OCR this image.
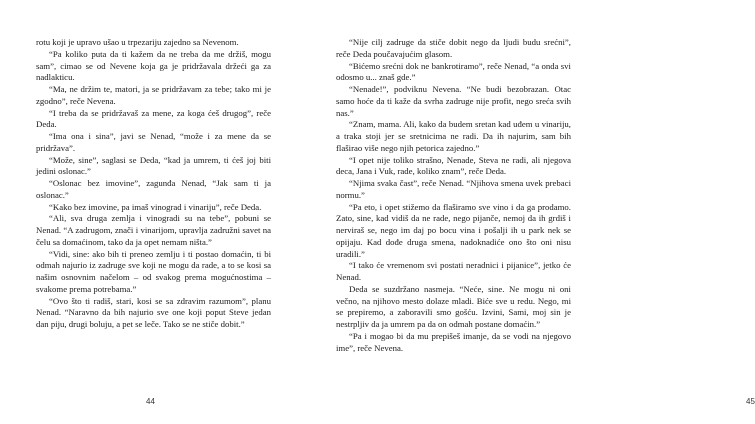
rotu koji je upravo ušao u trpezariju zajedno sa Nevenom.

“Pa koliko puta da ti kažem da ne treba da me držiš, mogu sam”, cimao se od Nevene koja ga je pridržavala držeći ga za nadlakticu.

“Ma, ne držim te, matori, ja se pridržavam za tebe; tako mi je zgodno”, reče Nevena.

“I treba da se pridržavaš za mene, za koga ćeš drugog”, reče Deda.

“Ima ona i sina”, javi se Nenad, “može i za mene da se pridržava”.

“Može, sine”, saglasi se Deda, “kad ja umrem, ti ćeš joj biti jedini oslonac.”

“Oslonac bez imovine”, zagunđa Nenad, “Jak sam ti ja oslonac.”

“Kako bez imovine, pa imaš vinograd i vinariju”, reče Deda.

“Ali, sva druga zemlja i vinogradi su na tebe”, pobuni se Nenad. “A zadrugom, znači i vinarijom, upravlja zadružni savet na čelu sa domaćinom, tako da ja opet nemam ništa.”

“Vidi, sine: ako bih ti preneo zemlju i ti postao domaćin, ti bi odmah najurio iz zadruge sve koji ne mogu da rade, a to se kosi sa našim osnovnim načelom – od svakog prema mogućnostima – svakome prema potrebama.”

“Ovo što ti radiš, stari, kosi se sa zdravim razumom”, planu Nenad. “Naravno da bih najurio sve one koji poput Steve jedan dan piju, drugi boluju, a pet se leče. Tako se ne stiče dobit.”

44

“Nije cilj zadruge da stiče dobit nego da ljudi budu srećni”, reče Deda poučavajućim glasom.

“Bićemo srećni dok ne bankrotiramo”, reče Nenad, “a onda svi odosmo u... znaš gde.”

“Nenade!”, podviknu Nevena. “Ne budi bezobrazan. Otac samo hoće da ti kaže da svrha zadruge nije profit, nego sreća svih nas.”

“Znam, mama. Ali, kako da budem sretan kad uđem u vinariju, a traka stoji jer se sretnicima ne radi. Da ih najurim, sam bih flaširao više nego njih petorica zajedno.”

“I opet nije toliko strašno, Nenade, Steva ne radi, ali njegova deca, Jana i Vuk, rade, koliko znam”, reče Deda.

“Njima svaka čast”, reče Nenad. “Njihova smena uvek prebaci normu.”

“Pa eto, i opet stižemo da flaširamo sve vino i da ga prodamo. Zato, sine, kad vidiš da ne rade, nego pijančе, nemoj da ih grdiš i nerviraš se, nego im daj po bocu vina i pošalji ih u park nek se opijaju. Kad dođe druga smena, nadoknadiće ono što oni nisu uradili.”

“I tako će vremenom svi postati neradnici i pijanice”, jetko će Nenad.

Deda se suzdržano nasmeja. “Neće, sine. Ne mogu ni oni večno, na njihovo mesto dolaze mladi. Biće sve u redu. Nego, mi se prepiremo, a zaboravili smo gošću. Izvini, Sami, moj sin je nestrpljiv da ja umrem pa da on odmah postane domaćin.”

“Pa i mogao bi da mu prepišeš imanje, da se vodi na njegovo ime”, reče Nevena.

45
